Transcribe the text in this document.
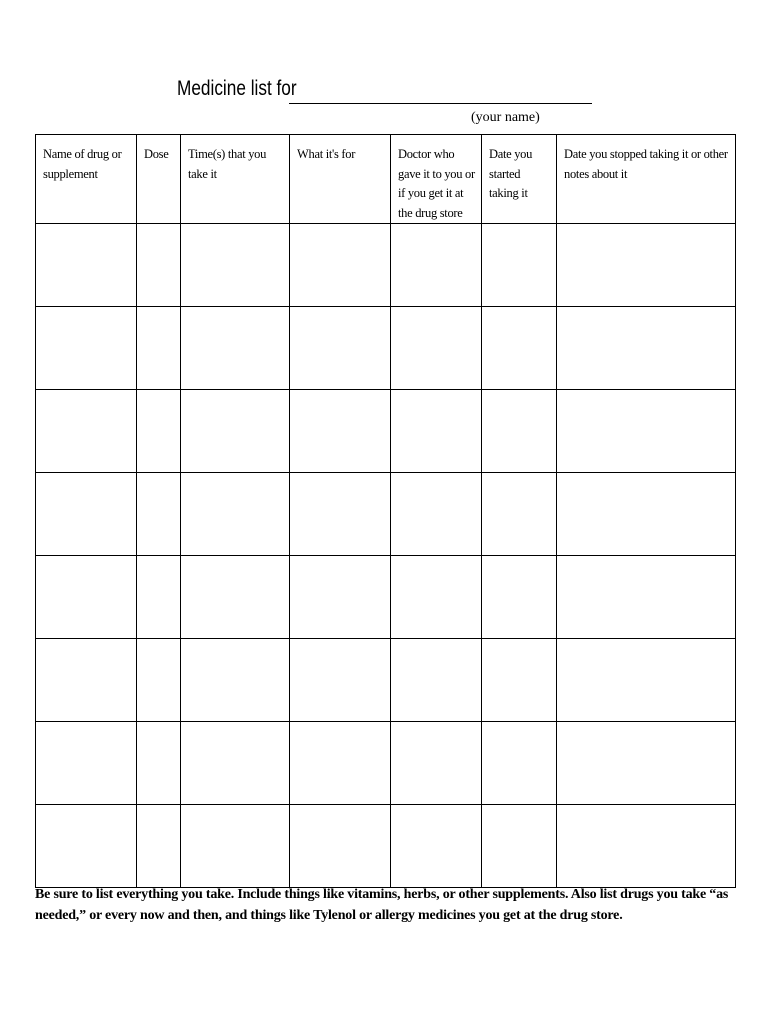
Medicine list for
(your name)
Name of drug or supplement	Dose	Time(s) that you take it	What it's for	Doctor who gave it to you or if you get it at the drug store	Date you started taking it	Date you stopped taking it or other notes about it

Be sure to list everything you take. Include things like vitamins, herbs, or other supplements. Also list drugs you take “as needed,” or every now and then, and things like Tylenol or allergy medicines you get at the drug store.
